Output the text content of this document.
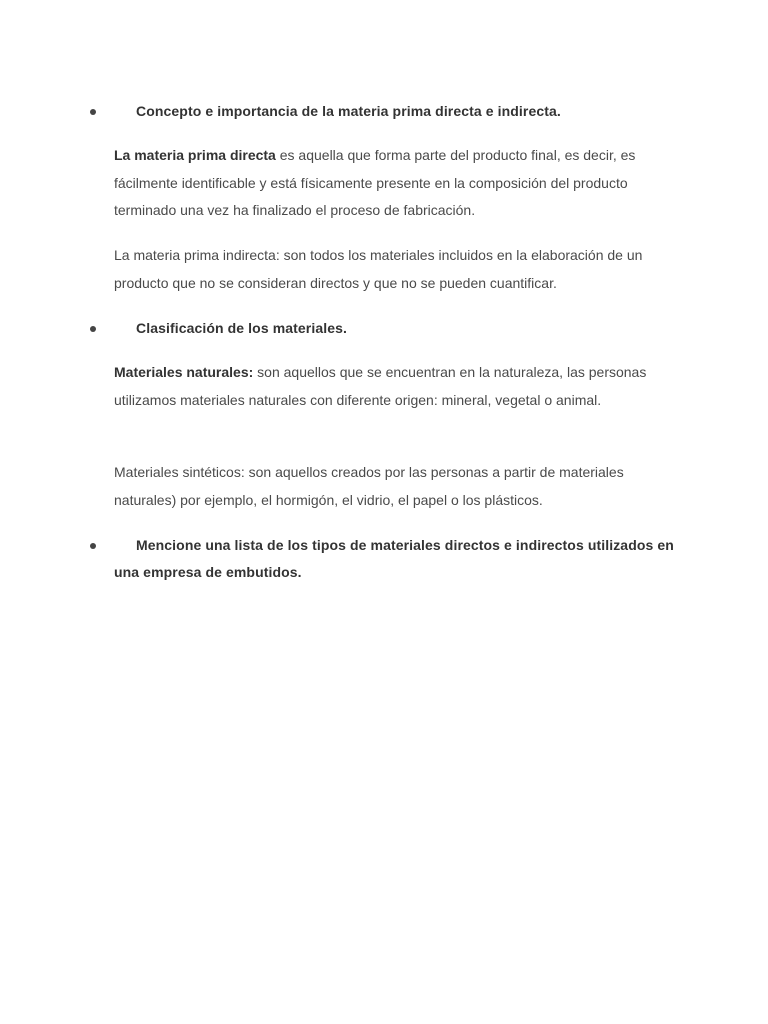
Concepto e importancia de la materia prima directa e indirecta.
La materia prima directa es aquella que forma parte del producto final, es decir, es fácilmente identificable y está físicamente presente en la composición del producto terminado una vez ha finalizado el proceso de fabricación.
La materia prima indirecta: son todos los materiales incluidos en la elaboración de un producto que no se consideran directos y que no se pueden cuantificar.
Clasificación de los materiales.
Materiales naturales: son aquellos que se encuentran en la naturaleza, las personas utilizamos materiales naturales con diferente origen: mineral, vegetal o animal.
Materiales sintéticos: son aquellos creados por las personas a partir de materiales naturales) por ejemplo, el hormigón, el vidrio, el papel o los plásticos.
Mencione una lista de los tipos de materiales directos e indirectos utilizados en una empresa de embutidos.
